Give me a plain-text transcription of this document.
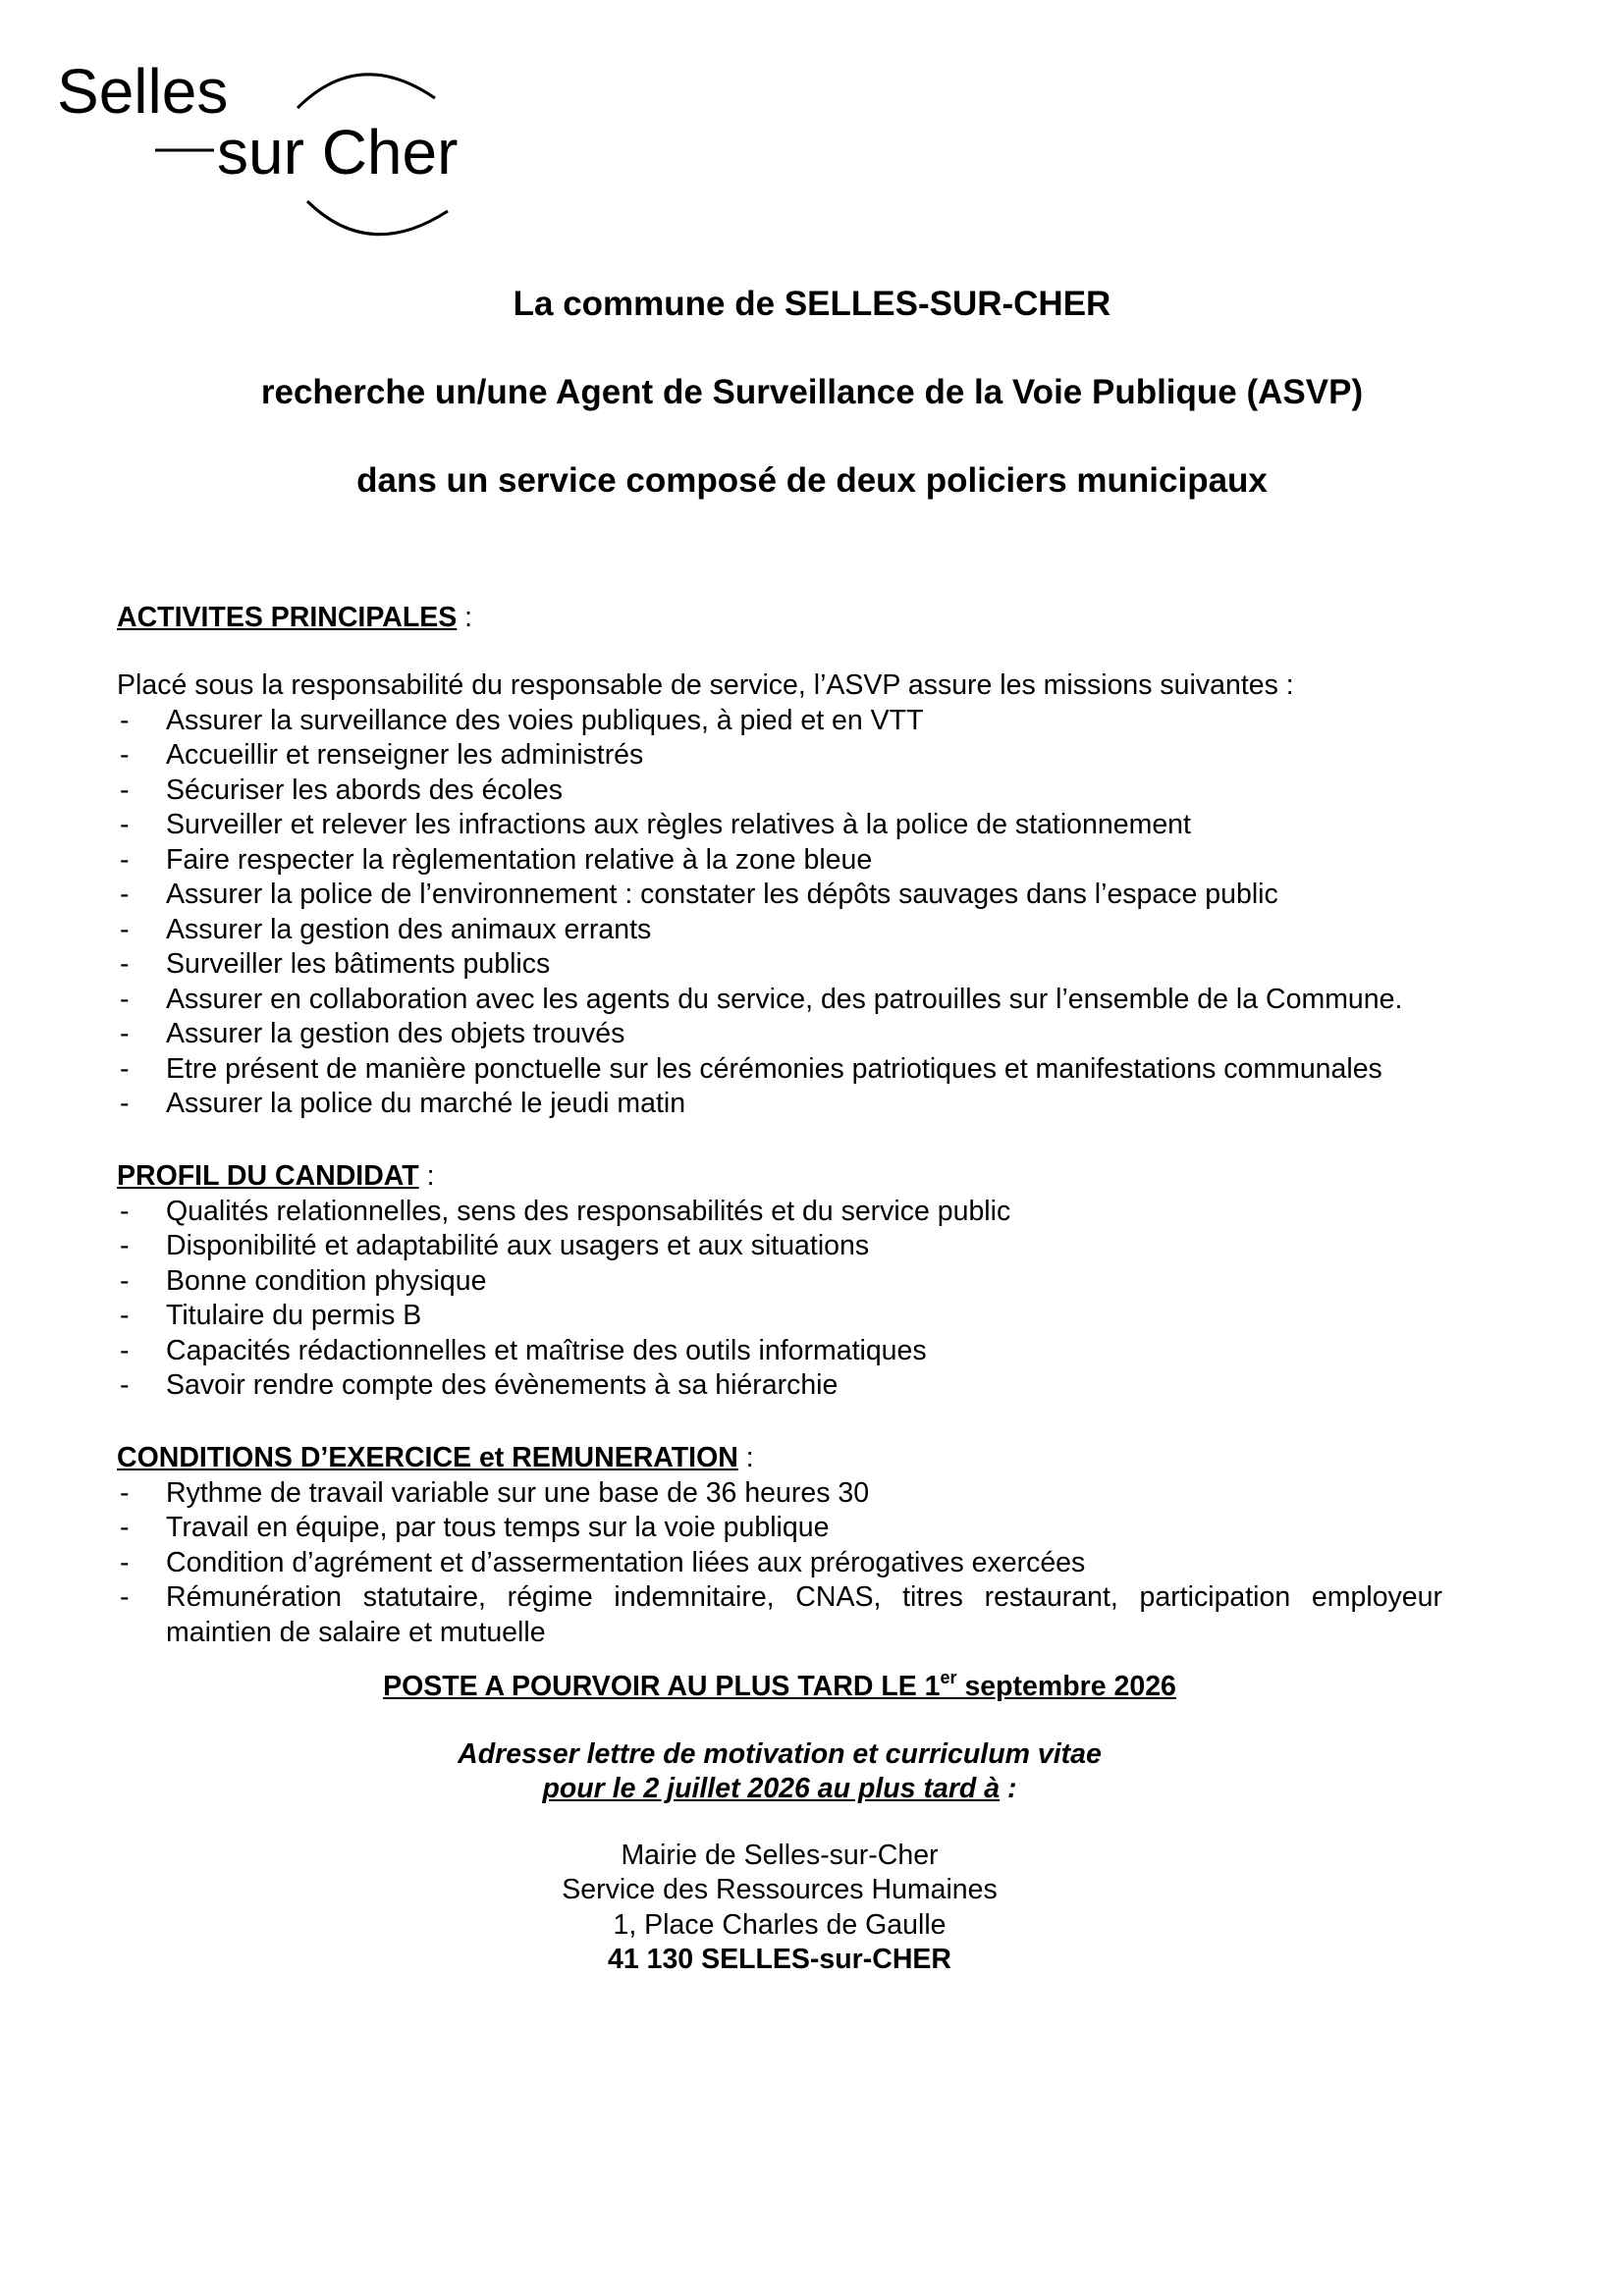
Selles
sur Cher
La commune de SELLES-SUR-CHER
recherche un/une Agent de Surveillance de la Voie Publique (ASVP)
dans un service composé de deux policiers municipaux

ACTIVITES PRINCIPALES :

Placé sous la responsabilité du responsable de service, l’ASVP assure les missions suivantes :

- Assurer la surveillance des voies publiques, à pied et en VTT
- Accueillir et renseigner les administrés
- Sécuriser les abords des écoles
- Surveiller et relever les infractions aux règles relatives à la police de stationnement
- Faire respecter la règlementation relative à la zone bleue
- Assurer la police de l’environnement : constater les dépôts sauvages dans l’espace public
- Assurer la gestion des animaux errants
- Surveiller les bâtiments publics
- Assurer en collaboration avec les agents du service, des patrouilles sur l’ensemble de la Commune.
- Assurer la gestion des objets trouvés
- Etre présent de manière ponctuelle sur les cérémonies patriotiques et manifestations communales
- Assurer la police du marché le jeudi matin

PROFIL DU CANDIDAT :

- Qualités relationnelles, sens des responsabilités et du service public
- Disponibilité et adaptabilité aux usagers et aux situations
- Bonne condition physique
- Titulaire du permis B
- Capacités rédactionnelles et maîtrise des outils informatiques
- Savoir rendre compte des évènements à sa hiérarchie

CONDITIONS D’EXERCICE et REMUNERATION :

- Rythme de travail variable sur une base de 36 heures 30
- Travail en équipe, par tous temps sur la voie publique
- Condition d’agrément et d’assermentation liées aux prérogatives exercées
- Rémunération statutaire, régime indemnitaire, CNAS, titres restaurant, participation employeur maintien de salaire et mutuelle
POSTE A POURVOIR AU PLUS TARD LE 1er septembre 2026
Adresser lettre de motivation et curriculum vitae
pour le 2 juillet 2026 au plus tard à :
Mairie de Selles-sur-Cher
Service des Ressources Humaines
1, Place Charles de Gaulle
41 130 SELLES-sur-CHER
